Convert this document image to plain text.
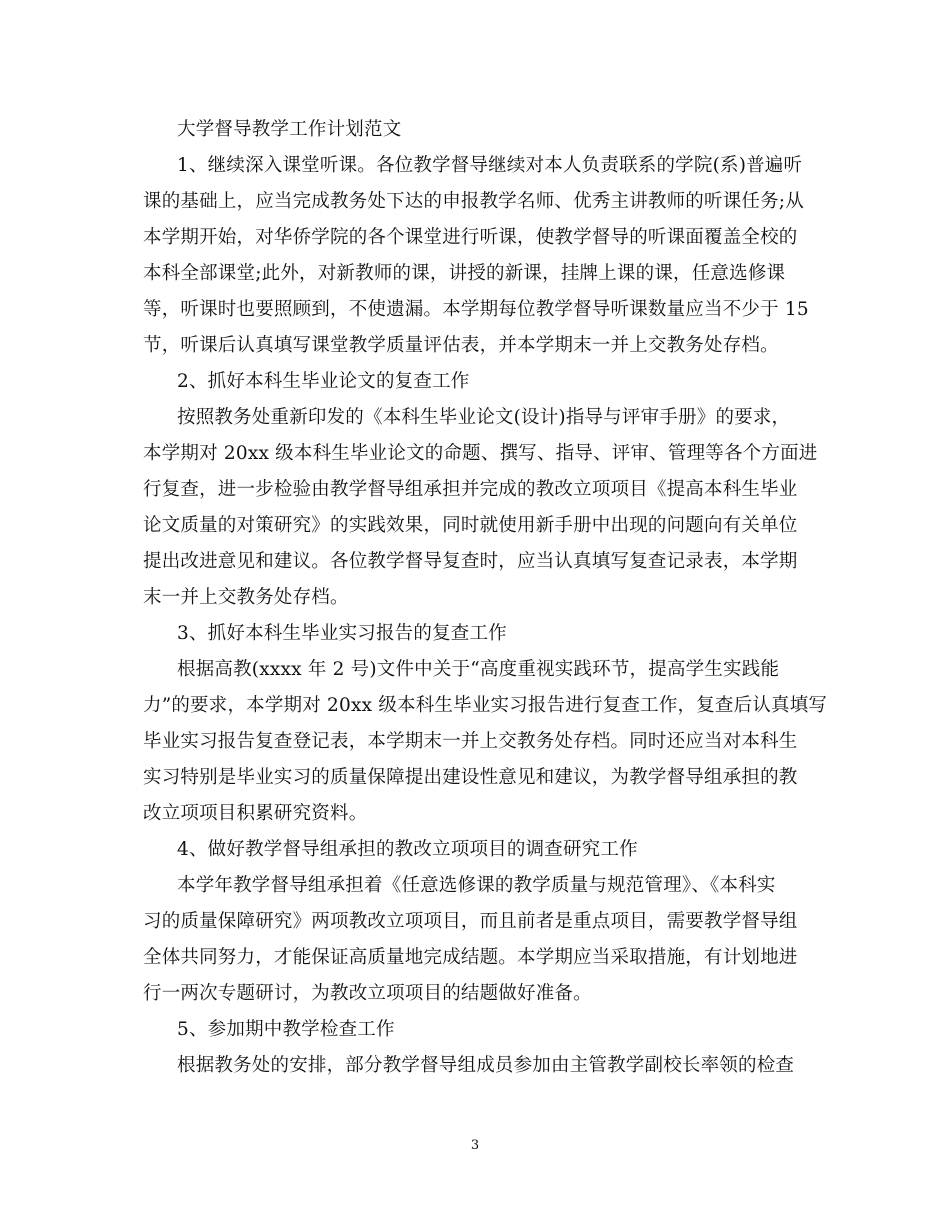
大学督导教学工作计划范文
1、继续深入课堂听课。各位教学督导继续对本人负责联系的学院(系)普遍听
课的基础上，应当完成教务处下达的申报教学名师、优秀主讲教师的听课任务;从
本学期开始，对华侨学院的各个课堂进行听课，使教学督导的听课面覆盖全校的
本科全部课堂;此外，对新教师的课，讲授的新课，挂牌上课的课，任意选修课
等，听课时也要照顾到，不使遗漏。本学期每位教学督导听课数量应当不少于 15
节，听课后认真填写课堂教学质量评估表，并本学期末一并上交教务处存档。
2、抓好本科生毕业论文的复查工作
按照教务处重新印发的《本科生毕业论文(设计)指导与评审手册》的要求，
本学期对 20xx 级本科生毕业论文的命题、撰写、指导、评审、管理等各个方面进
行复查，进一步检验由教学督导组承担并完成的教改立项项目《提高本科生毕业
论文质量的对策研究》的实践效果，同时就使用新手册中出现的问题向有关单位
提出改进意见和建议。各位教学督导复查时，应当认真填写复查记录表，本学期
末一并上交教务处存档。
3、抓好本科生毕业实习报告的复查工作
根据高教(xxxx 年 2 号)文件中关于“高度重视实践环节，提高学生实践能
力”的要求，本学期对 20xx 级本科生毕业实习报告进行复查工作，复查后认真填写
毕业实习报告复查登记表，本学期末一并上交教务处存档。同时还应当对本科生
实习特别是毕业实习的质量保障提出建设性意见和建议，为教学督导组承担的教
改立项项目积累研究资料。
4、做好教学督导组承担的教改立项项目的调查研究工作
本学年教学督导组承担着《任意选修课的教学质量与规范管理》、《本科实
习的质量保障研究》两项教改立项项目，而且前者是重点项目，需要教学督导组
全体共同努力，才能保证高质量地完成结题。本学期应当采取措施，有计划地进
行一两次专题研讨，为教改立项项目的结题做好准备。
5、参加期中教学检查工作
根据教务处的安排，部分教学督导组成员参加由主管教学副校长率领的检查
3
